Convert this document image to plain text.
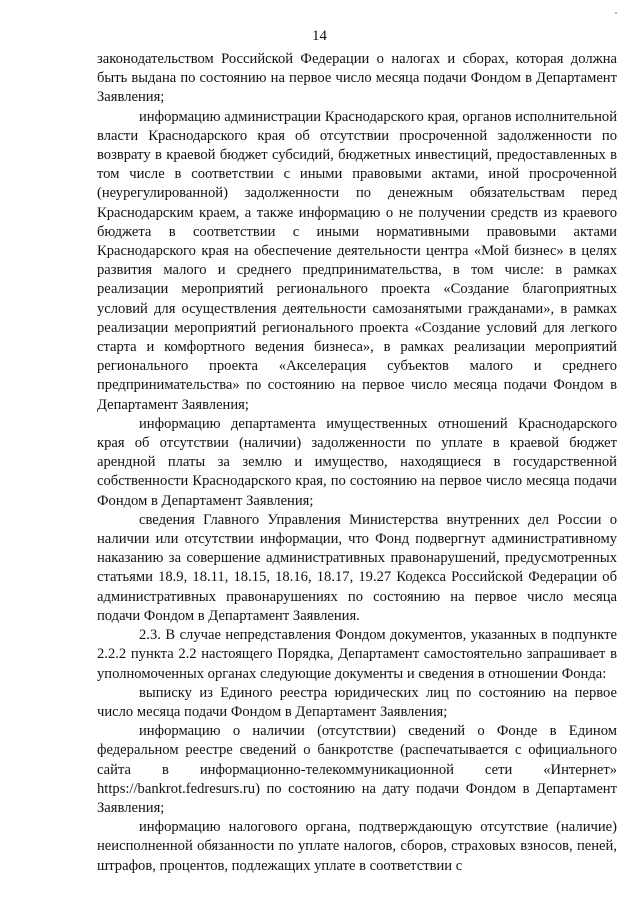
14

законодательством Российской Федерации о налогах и сборах, которая должна быть выдана по состоянию на первое число месяца подачи Фондом в Департамент Заявления;

информацию администрации Краснодарского края, органов исполнительной власти Краснодарского края об отсутствии просроченной задолженности по возврату в краевой бюджет субсидий, бюджетных инвестиций, предоставленных в том числе в соответствии с иными правовыми актами, иной просроченной (неурегулированной) задолженности по денежным обязательствам перед Краснодарским краем, а также информацию о не получении средств из краевого бюджета в соответствии с иными нормативными правовыми актами Краснодарского края на обеспечение деятельности центра «Мой бизнес» в целях развития малого и среднего предпринимательства, в том числе: в рамках реализации мероприятий регионального проекта «Создание благоприятных условий для осуществления деятельности самозанятыми гражданами», в рамках реализации мероприятий регионального проекта «Создание условий для легкого старта и комфортного ведения бизнеса», в рамках реализации мероприятий регионального проекта «Акселерация субъектов малого и среднего предпринимательства» по состоянию на первое число месяца подачи Фондом в Департамент Заявления;

информацию департамента имущественных отношений Краснодарского края об отсутствии (наличии) задолженности по уплате в краевой бюджет арендной платы за землю и имущество, находящиеся в государственной собственности Краснодарского края, по состоянию на первое число месяца подачи Фондом в Департамент Заявления;

сведения Главного Управления Министерства внутренних дел России о наличии или отсутствии информации, что Фонд подвергнут административному наказанию за совершение административных правонарушений, предусмотренных статьями 18.9, 18.11, 18.15, 18.16, 18.17, 19.27 Кодекса Российской Федерации об административных правонарушениях по состоянию на первое число месяца подачи Фондом в Департамент Заявления.

2.3. В случае непредставления Фондом документов, указанных в подпункте 2.2.2 пункта 2.2 настоящего Порядка, Департамент самостоятельно запрашивает в уполномоченных органах следующие документы и сведения в отношении Фонда:

выписку из Единого реестра юридических лиц по состоянию на первое число месяца подачи Фондом в Департамент Заявления;

информацию о наличии (отсутствии) сведений о Фонде в Едином федеральном реестре сведений о банкротстве (распечатывается с официального сайта в информационно-телекоммуникационной сети «Интернет» https://bankrot.fedresurs.ru) по состоянию на дату подачи Фондом в Департамент Заявления;

информацию налогового органа, подтверждающую отсутствие (наличие) неисполненной обязанности по уплате налогов, сборов, страховых взносов, пеней, штрафов, процентов, подлежащих уплате в соответствии с
